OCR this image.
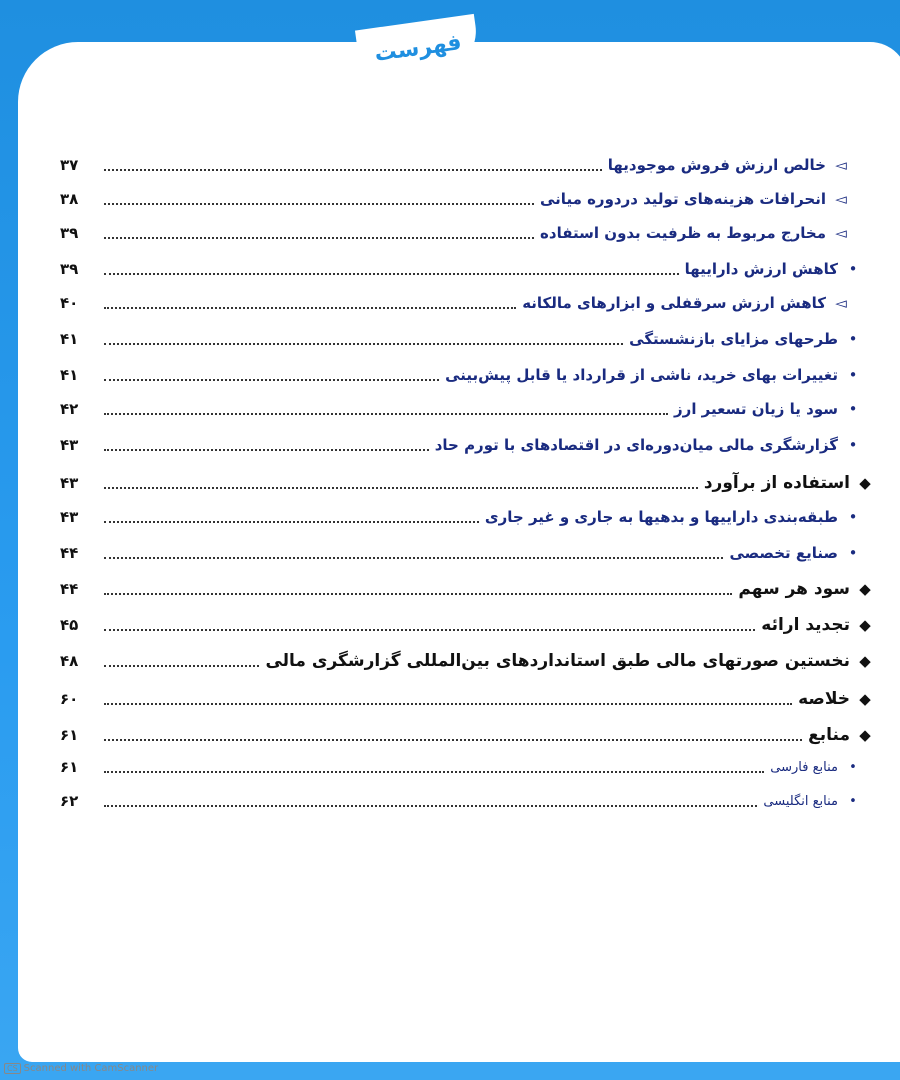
فهرست
◅
خالص ارزش فروش موجودیها
۳۷
◅
انحرافات هزینه‌های تولید دردوره میانی
۳۸
◅
مخارج مربوط به ظرفیت بدون استفاده
۳۹
•
کاهش ارزش داراییها
۳۹
◅
کاهش ارزش سرقفلی و ابزارهای مالکانه
۴۰
•
طرحهای مزایای بازنشستگی
۴۱
•
تغییرات بهای خرید، ناشی از قرارداد یا قابل پیش‌بینی
۴۱
•
سود یا زیان تسعیر ارز
۴۲
•
گزارشگری مالی میان‌دوره‌ای در اقتصادهای با تورم حاد
۴۳
◆
استفاده از برآورد
۴۳
•
طبقه‌بندی داراییها و بدهیها به جاری و غیر جاری
۴۳
•
صنایع تخصصی
۴۴
◆
سود هر سهم
۴۴
◆
تجدید ارائه
۴۵
◆
نخستین صورتهای مالی طبق استانداردهای بین‌المللی گزارشگری مالی
۴۸
◆
خلاصه
۶۰
◆
منابع
۶۱
•
منابع فارسی
۶۱
•
منابع انگلیسی
۶۲
CS Scanned with CamScanner
